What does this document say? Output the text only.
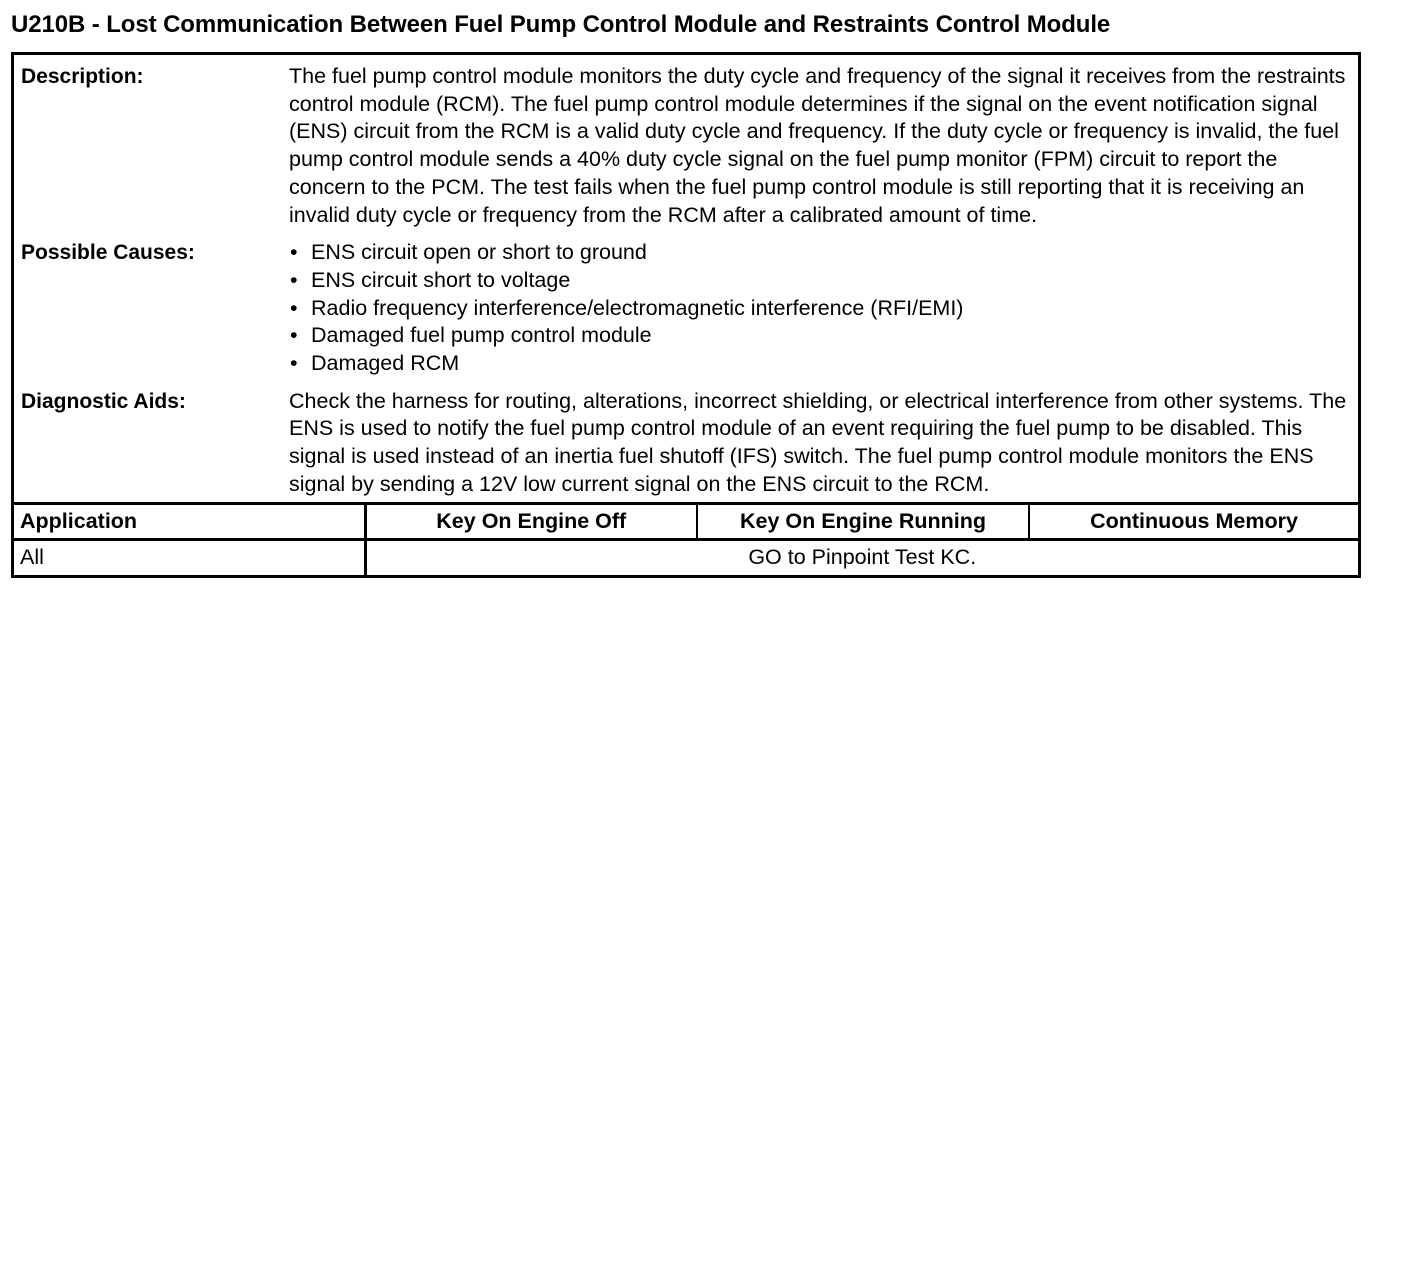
U210B - Lost Communication Between Fuel Pump Control Module and Restraints Control Module
Description:	The fuel pump control module monitors the duty cycle and frequency of the signal it receives from the restraints control module (RCM). The fuel pump control module determines if the signal on the event notification signal (ENS) circuit from the RCM is a valid duty cycle and frequency. If the duty cycle or frequency is invalid, the fuel pump control module sends a 40% duty cycle signal on the fuel pump monitor (FPM) circuit to report the concern to the PCM. The test fails when the fuel pump control module is still reporting that it is receiving an invalid duty cycle or frequency from the RCM after a calibrated amount of time.
Possible Causes:	• ENS circuit open or short to ground
• ENS circuit short to voltage
• Radio frequency interference/electromagnetic interference (RFI/EMI)
• Damaged fuel pump control module
• Damaged RCM
Diagnostic Aids:	Check the harness for routing, alterations, incorrect shielding, or electrical interference from other systems. The ENS is used to notify the fuel pump control module of an event requiring the fuel pump to be disabled. This signal is used instead of an inertia fuel shutoff (IFS) switch. The fuel pump control module monitors the ENS signal by sending a 12V low current signal on the ENS circuit to the RCM.
Application	Key On Engine Off	Key On Engine Running	Continuous Memory
All	GO to Pinpoint Test KC.		
